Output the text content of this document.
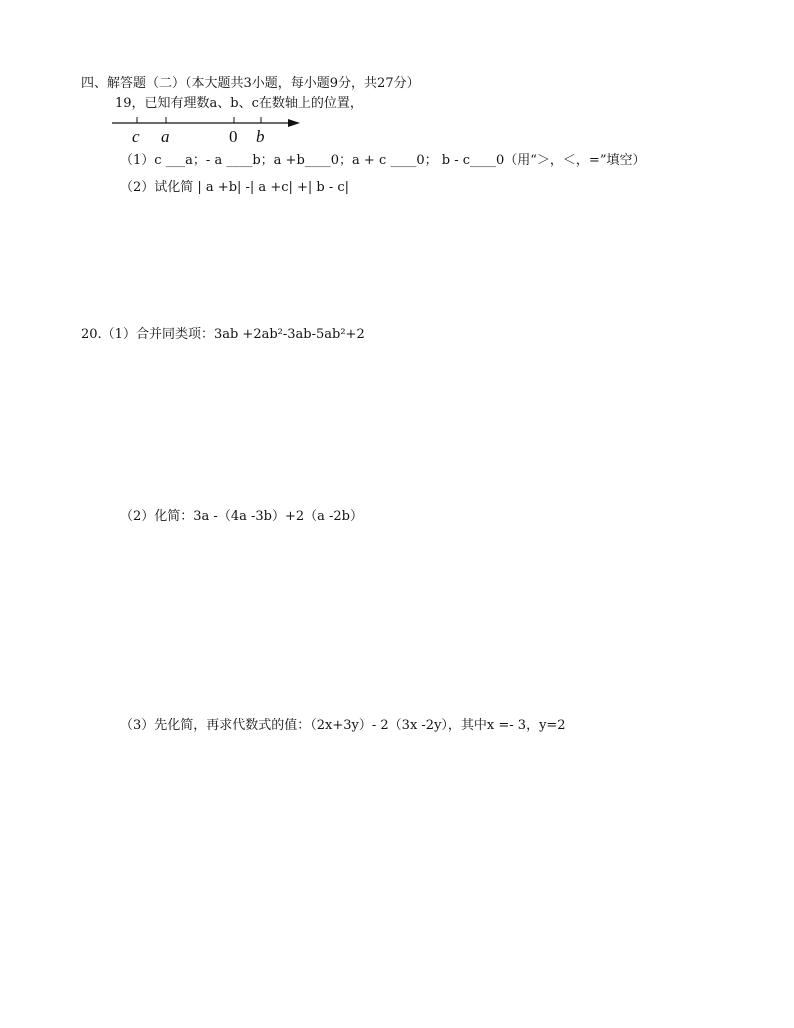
四、解答题（二）（本大题共3小题，每小题9分，共27分）
19，已知有理数a、b、c在数轴上的位置，
c a	0 b
（1）c ___a；- a ____b；a +b____0；a + c ____0； b - c____0（用“＞，＜，=”填空）
（2）试化简 | a +b| -| a +c| +| b - c|
20.（1）合并同类项：3ab +2ab²-3ab-5ab²+2
（2）化简：3a -（4a -3b）+2（a -2b）
（3）先化简，再求代数式的值：（2x+3y）- 2（3x -2y），其中x =- 3，y=2
